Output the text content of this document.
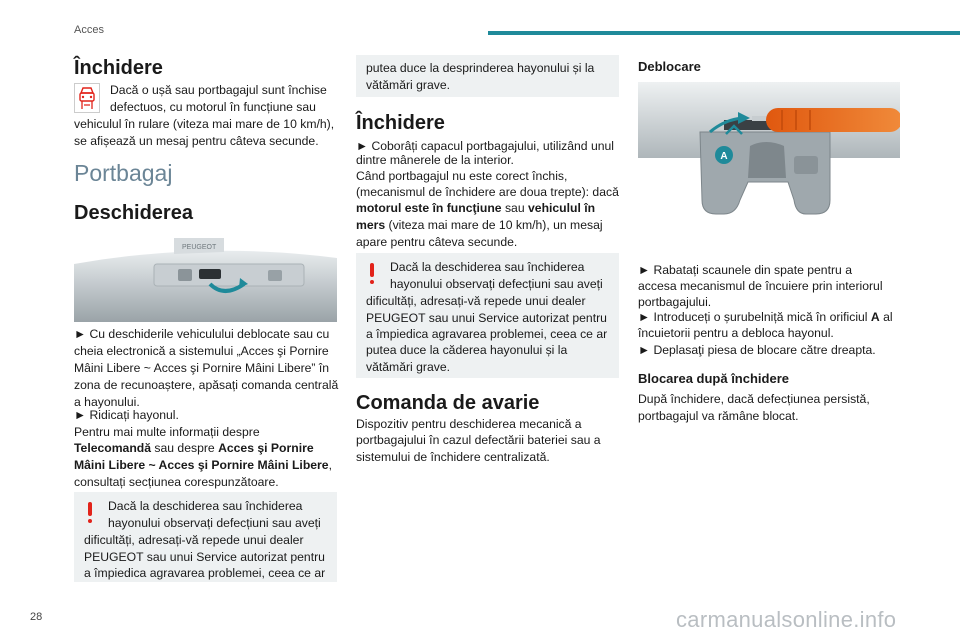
Acces
Închidere
Dacă o ușă sau portbagajul sunt închise
defectuos, cu motorul în funcțiune sau
vehiculul în rulare (viteza mai mare de 10 km/h),
se afișează un mesaj pentru câteva secunde.
Portbagaj
Deschiderea
PEUGEOT
► Cu deschiderile vehiculului deblocate sau cu
cheia electronică a sistemului „Acces şi Pornire
Mâini Libere ~ Acces şi Pornire Mâini Libere” în
zona de recunoaștere, apăsați comanda centrală
a hayonului.
► Ridicați hayonul.
Pentru mai multe informații despre
Telecomandă sau despre Acces şi Pornire
Mâini Libere ~ Acces şi Pornire Mâini Libere,
consultați secțiunea corespunzătoare.
Dacă la deschiderea sau închiderea
hayonului observați defecțiuni sau aveți
dificultăți, adresați-vă repede unui dealer
PEUGEOT sau unui Service autorizat pentru
a împiedica agravarea problemei, ceea ce ar
putea duce la desprinderea hayonului și la
vătămări grave.
Închidere
► Coborâți capacul portbagajului, utilizând unul
dintre mânerele de la interior.
Când portbagajul nu este corect închis,
(mecanismul de închidere are doua trepte): dacă
motorul este în funcţiune sau vehiculul în
mers (viteza mai mare de 10 km/h), un mesaj
apare pentru câteva secunde.
Dacă la deschiderea sau închiderea
hayonului observați defecțiuni sau aveți
dificultăți, adresați-vă repede unui dealer
PEUGEOT sau unui Service autorizat pentru
a împiedica agravarea problemei, ceea ce ar
putea duce la căderea hayonului și la
vătămări grave.
Comanda de avarie
Dispozitiv pentru deschiderea mecanică a
portbagajului în cazul defectării bateriei sau a
sistemului de închidere centralizată.
Deblocare
A
► Rabatați scaunele din spate pentru a
accesa mecanismul de încuiere prin interiorul
portbagajului.
► Introduceți o șurubelniță mică în orificiul A al
încuietorii pentru a debloca hayonul.
► Deplasaţi piesa de blocare către dreapta.
Blocarea după închidere
După închidere, dacă defecțiunea persistă,
portbagajul va rămâne blocat.
28	carmanualsonline.info
